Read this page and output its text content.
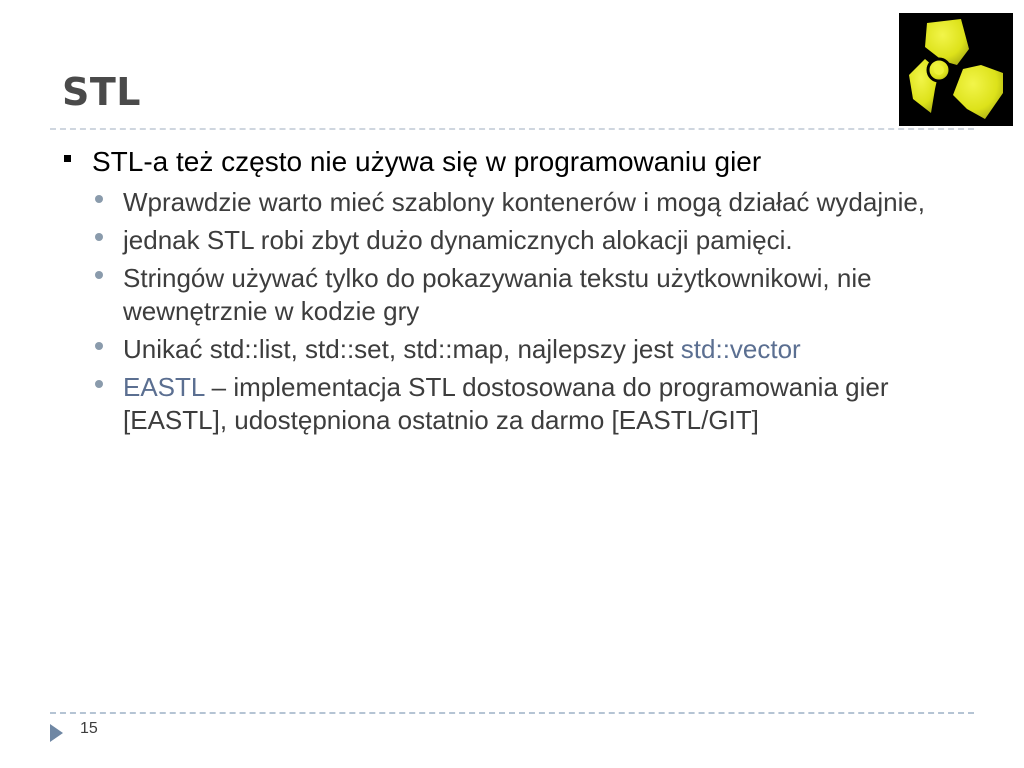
STL
STL-a też często nie używa się w programowaniu gier
Wprawdzie warto mieć szablony kontenerów i mogą działać wydajnie,
jednak STL robi zbyt dużo dynamicznych alokacji pamięci.
Stringów używać tylko do pokazywania tekstu użytkownikowi, nie wewnętrznie w kodzie gry
Unikać std::list, std::set, std::map, najlepszy jest std::vector
EASTL – implementacja STL dostosowana do programowania gier [EASTL], udostępniona ostatnio za darmo [EASTL/GIT]
15
